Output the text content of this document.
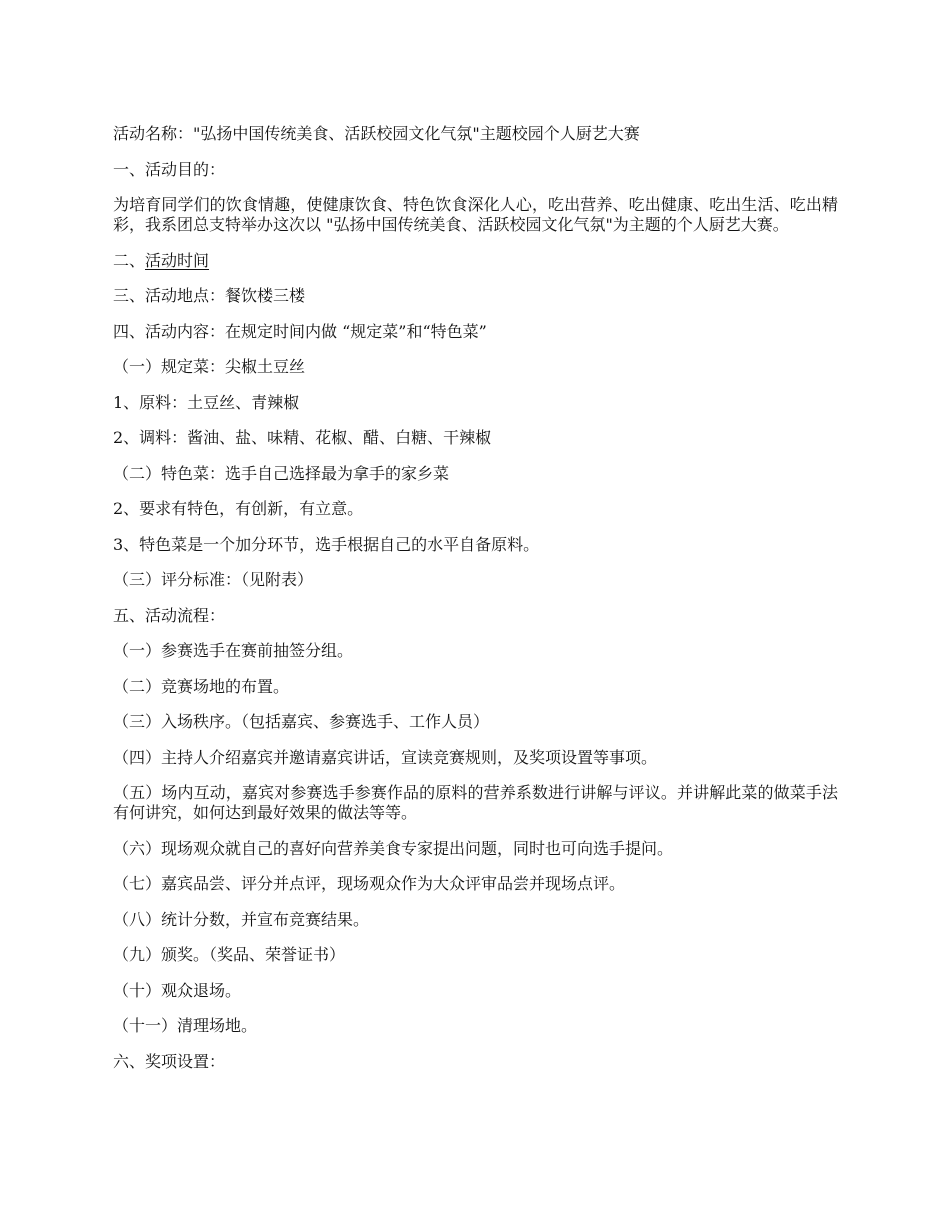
活动名称："弘扬中国传统美食、活跃校园文化气氛"主题校园个人厨艺大赛

一、活动目的：

为培育同学们的饮食情趣，使健康饮食、特色饮食深化人心，吃出营养、吃出健康、吃出生活、吃出精彩，我系团总支特举办这次以 "弘扬中国传统美食、活跃校园文化气氛"为主题的个人厨艺大赛。

二、活动时间

三、活动地点：餐饮楼三楼

四、活动内容：在规定时间内做 “规定菜”和“特色菜”

（一）规定菜：尖椒土豆丝

1、原料：土豆丝、青辣椒

2、调料：酱油、盐、味精、花椒、醋、白糖、干辣椒

（二）特色菜：选手自己选择最为拿手的家乡菜

2、要求有特色，有创新，有立意。

3、特色菜是一个加分环节，选手根据自己的水平自备原料。

（三）评分标准：（见附表）

五、活动流程：

（一）参赛选手在赛前抽签分组。

（二）竞赛场地的布置。

（三）入场秩序。（包括嘉宾、参赛选手、工作人员）

（四）主持人介绍嘉宾并邀请嘉宾讲话，宣读竞赛规则，及奖项设置等事项。

（五）场内互动，嘉宾对参赛选手参赛作品的原料的营养系数进行讲解与评议。并讲解此菜的做菜手法有何讲究，如何达到最好效果的做法等等。

（六）现场观众就自己的喜好向营养美食专家提出问题，同时也可向选手提问。

（七）嘉宾品尝、评分并点评，现场观众作为大众评审品尝并现场点评。

（八）统计分数，并宣布竞赛结果。

（九）颁奖。（奖品、荣誉证书）

（十）观众退场。

（十一）清理场地。

六、奖项设置：
